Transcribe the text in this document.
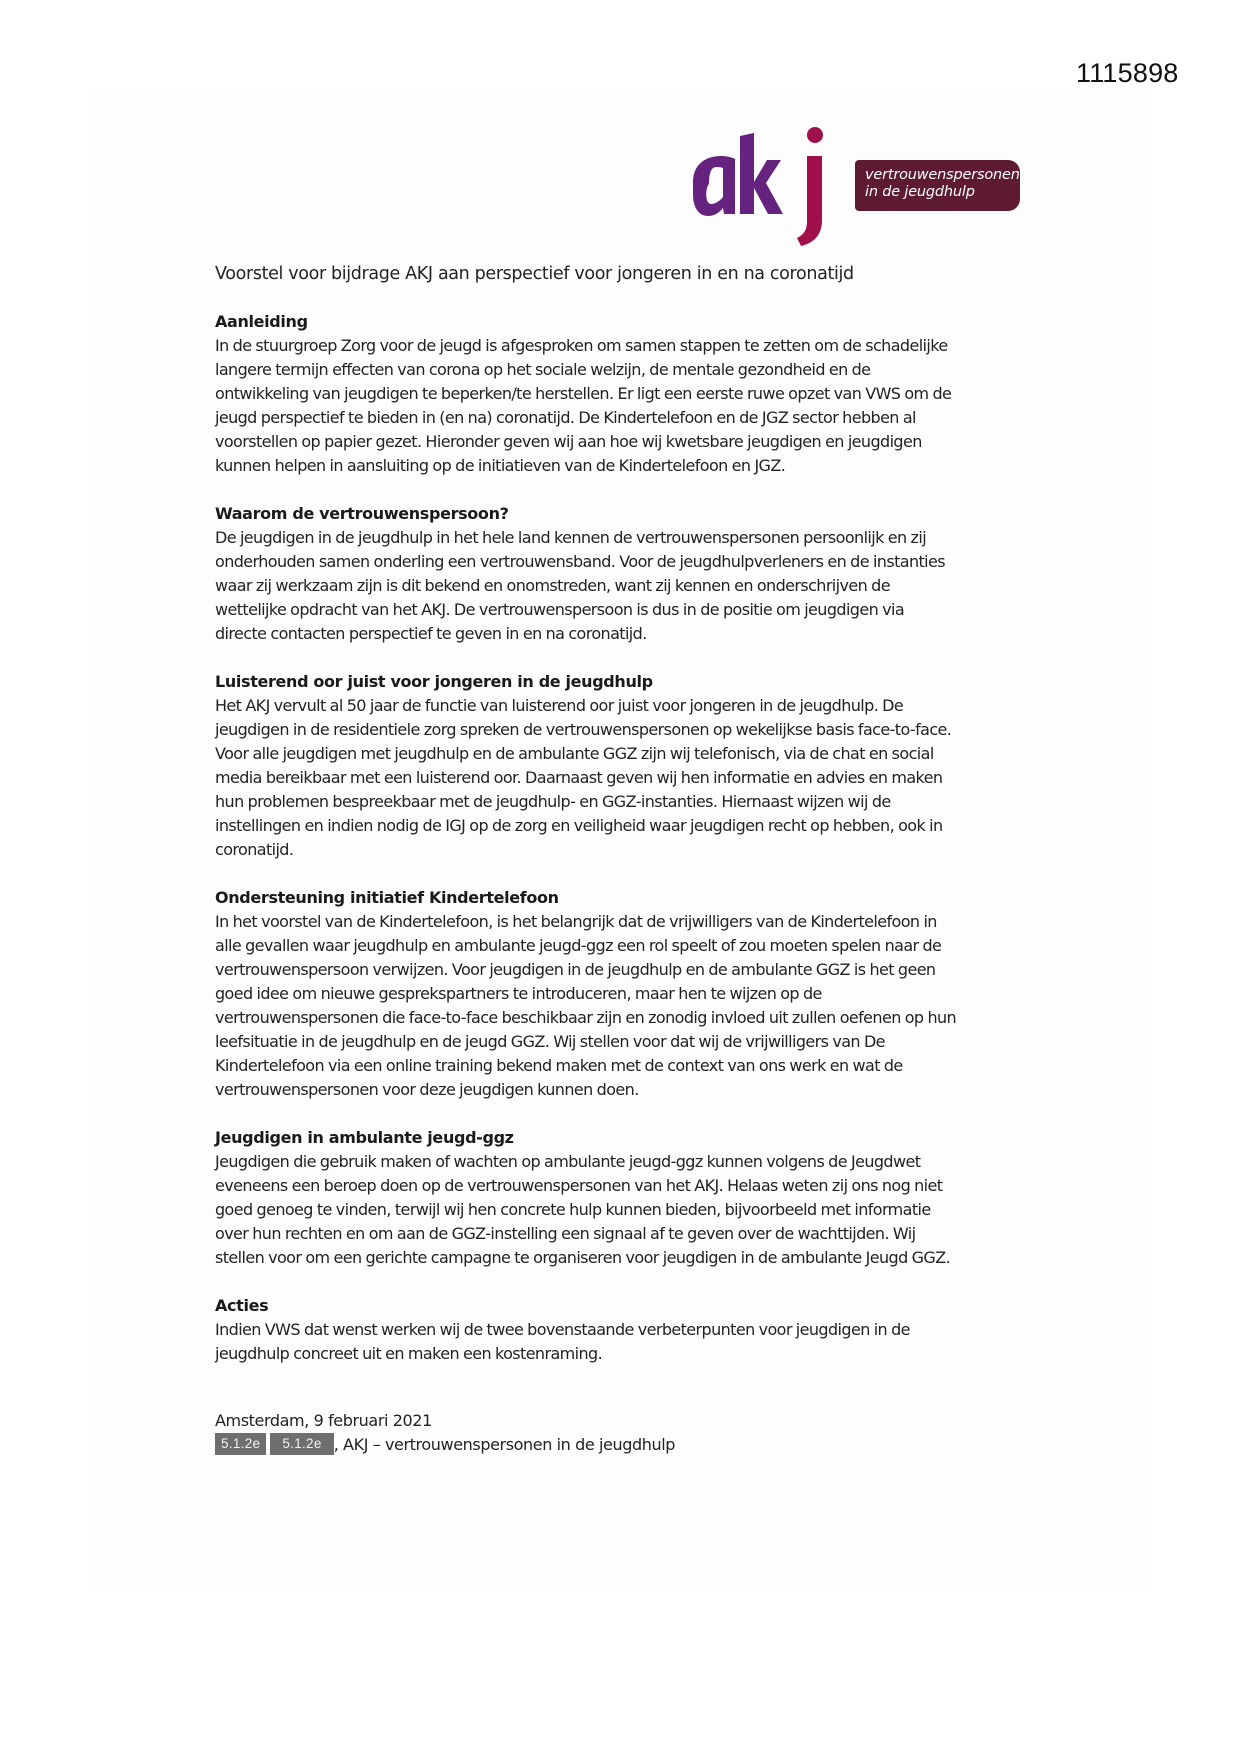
1115898
vertrouwenspersonen
in de jeugdhulp

Voorstel voor bijdrage AKJ aan perspectief voor jongeren in en na coronatijd

Aanleiding

In de stuurgroep Zorg voor de jeugd is afgesproken om samen stappen te zetten om de schadelijke

langere termijn effecten van corona op het sociale welzijn, de mentale gezondheid en de

ontwikkeling van jeugdigen te beperken/te herstellen. Er ligt een eerste ruwe opzet van VWS om de

jeugd perspectief te bieden in (en na) coronatijd. De Kindertelefoon en de JGZ sector hebben al

voorstellen op papier gezet. Hieronder geven wij aan hoe wij kwetsbare jeugdigen en jeugdigen

kunnen helpen in aansluiting op de initiatieven van de Kindertelefoon en JGZ.

Waarom de vertrouwenspersoon?

De jeugdigen in de jeugdhulp in het hele land kennen de vertrouwenspersonen persoonlijk en zij

onderhouden samen onderling een vertrouwensband. Voor de jeugdhulpverleners en de instanties

waar zij werkzaam zijn is dit bekend en onomstreden, want zij kennen en onderschrijven de

wettelijke opdracht van het AKJ. De vertrouwenspersoon is dus in de positie om jeugdigen via

directe contacten perspectief te geven in en na coronatijd.

Luisterend oor juist voor jongeren in de jeugdhulp

Het AKJ vervult al 50 jaar de functie van luisterend oor juist voor jongeren in de jeugdhulp. De

jeugdigen in de residentiele zorg spreken de vertrouwenspersonen op wekelijkse basis face-to-face.

Voor alle jeugdigen met jeugdhulp en de ambulante GGZ zijn wij telefonisch, via de chat en social

media bereikbaar met een luisterend oor. Daarnaast geven wij hen informatie en advies en maken

hun problemen bespreekbaar met de jeugdhulp- en GGZ-instanties. Hiernaast wijzen wij de

instellingen en indien nodig de IGJ op de zorg en veiligheid waar jeugdigen recht op hebben, ook in

coronatijd.

Ondersteuning initiatief Kindertelefoon

In het voorstel van de Kindertelefoon, is het belangrijk dat de vrijwilligers van de Kindertelefoon in

alle gevallen waar jeugdhulp en ambulante jeugd-ggz een rol speelt of zou moeten spelen naar de

vertrouwenspersoon verwijzen. Voor jeugdigen in de jeugdhulp en de ambulante GGZ is het geen

goed idee om nieuwe gesprekspartners te introduceren, maar hen te wijzen op de

vertrouwenspersonen die face-to-face beschikbaar zijn en zonodig invloed uit zullen oefenen op hun

leefsituatie in de jeugdhulp en de jeugd GGZ. Wij stellen voor dat wij de vrijwilligers van De

Kindertelefoon via een online training bekend maken met de context van ons werk en wat de

vertrouwenspersonen voor deze jeugdigen kunnen doen.

Jeugdigen in ambulante jeugd-ggz

Jeugdigen die gebruik maken of wachten op ambulante jeugd-ggz kunnen volgens de Jeugdwet

eveneens een beroep doen op de vertrouwenspersonen van het AKJ. Helaas weten zij ons nog niet

goed genoeg te vinden, terwijl wij hen concrete hulp kunnen bieden, bijvoorbeeld met informatie

over hun rechten en om aan de GGZ-instelling een signaal af te geven over de wachttijden. Wij

stellen voor om een gerichte campagne te organiseren voor jeugdigen in de ambulante Jeugd GGZ.

Acties

Indien VWS dat wenst werken wij de twee bovenstaande verbeterpunten voor jeugdigen in de

jeugdhulp concreet uit en maken een kostenraming.

Amsterdam, 9 februari 2021
5.1.2e	5.1.2e , AKJ – vertrouwenspersonen in de jeugdhulp
